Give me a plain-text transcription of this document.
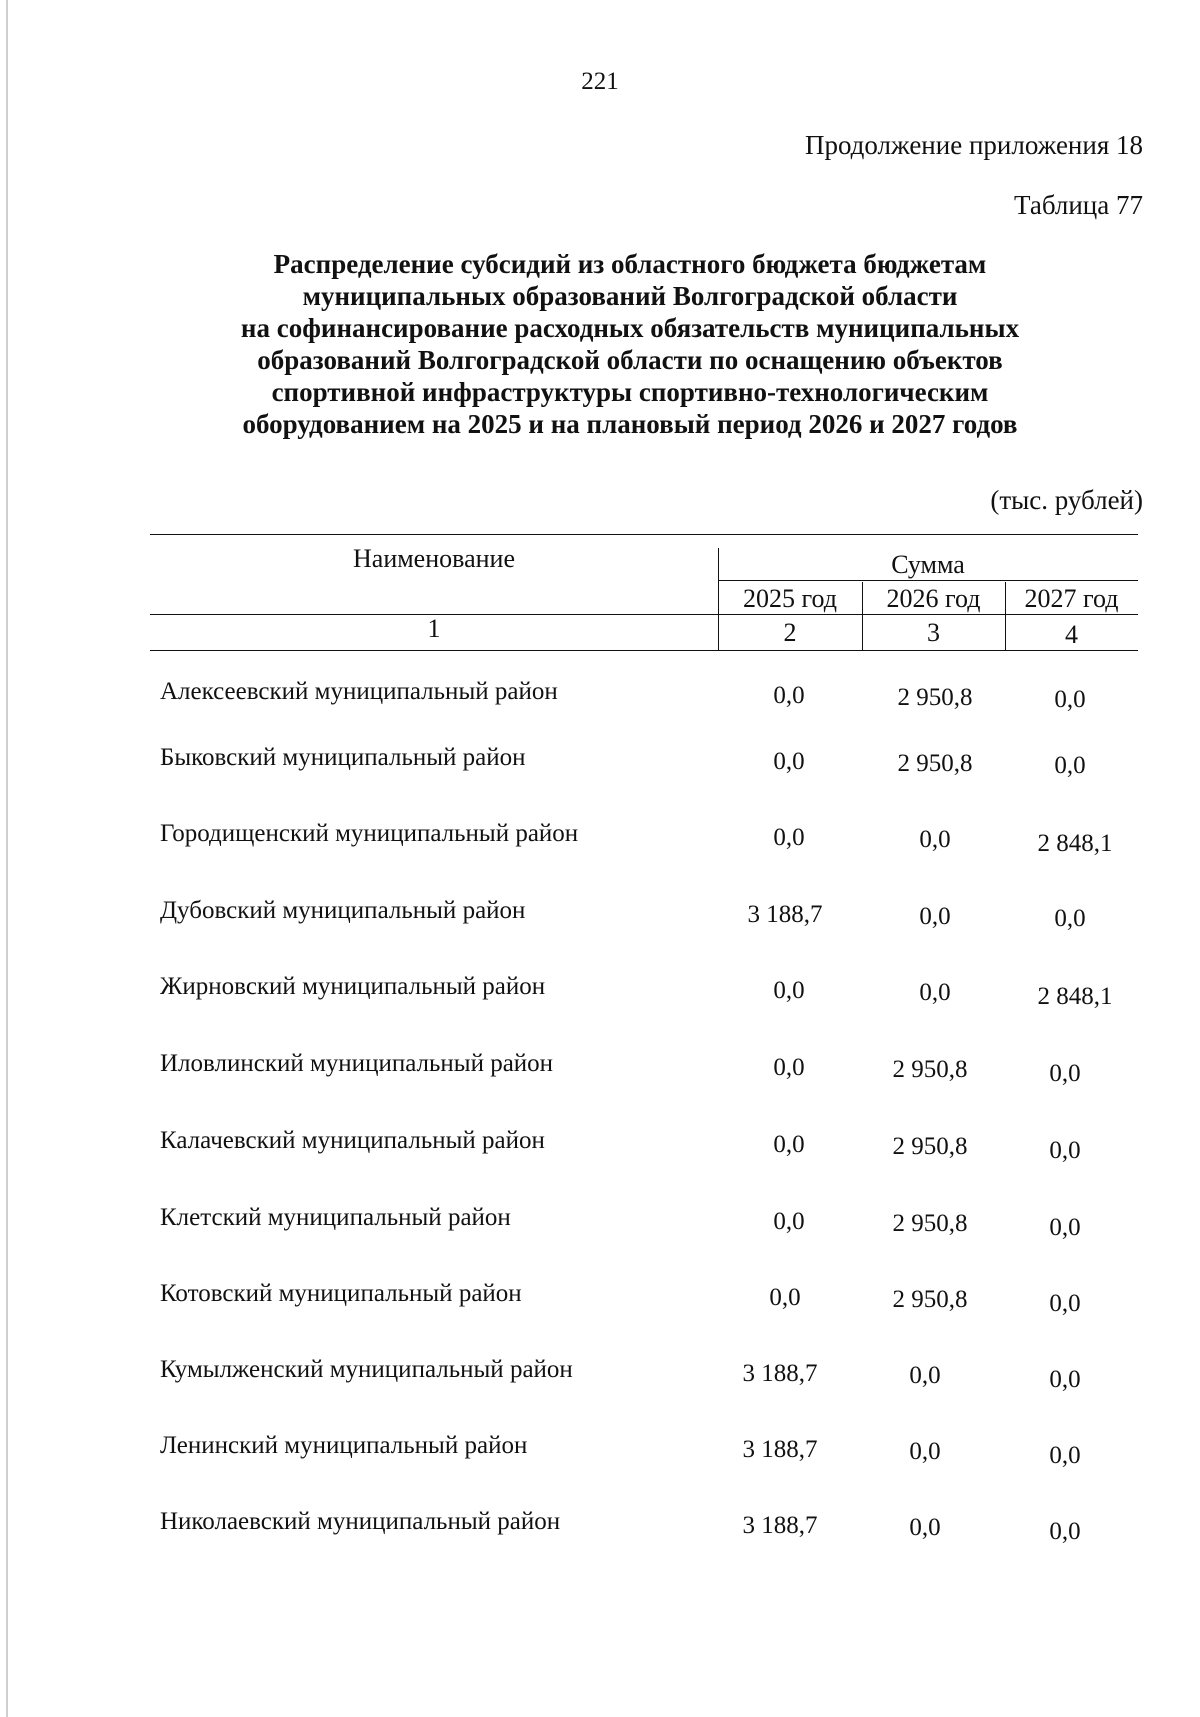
221
Продолжение приложения 18
Таблица 77
Распределение субсидий из областного бюджета бюджетам
муниципальных образований Волгоградской области
на софинансирование расходных обязательств муниципальных
образований Волгоградской области по оснащению объектов
спортивной инфраструктуры спортивно-технологическим
оборудованием на 2025 и на плановый период 2026 и 2027 годов
(тыс. рублей)
Наименование	Сумма
2025 год	2026 год	2027 год
1	2	3	4
Алексеевский муниципальный район	0,0	2 950,8	0,0
Быковский муниципальный район	0,0	2 950,8	0,0
Городищенский муниципальный район	0,0	0,0	2 848,1
Дубовский муниципальный район	3 188,7	0,0	0,0
Жирновский муниципальный район	0,0	0,0	2 848,1
Иловлинский муниципальный район	0,0	2 950,8	0,0
Калачевский муниципальный район	0,0	2 950,8	0,0
Клетский муниципальный район	0,0	2 950,8	0,0
Котовский муниципальный район	0,0	2 950,8	0,0
Кумылженский муниципальный район	3 188,7	0,0	0,0
Ленинский муниципальный район	3 188,7	0,0	0,0
Николаевский муниципальный район	3 188,7	0,0	0,0
